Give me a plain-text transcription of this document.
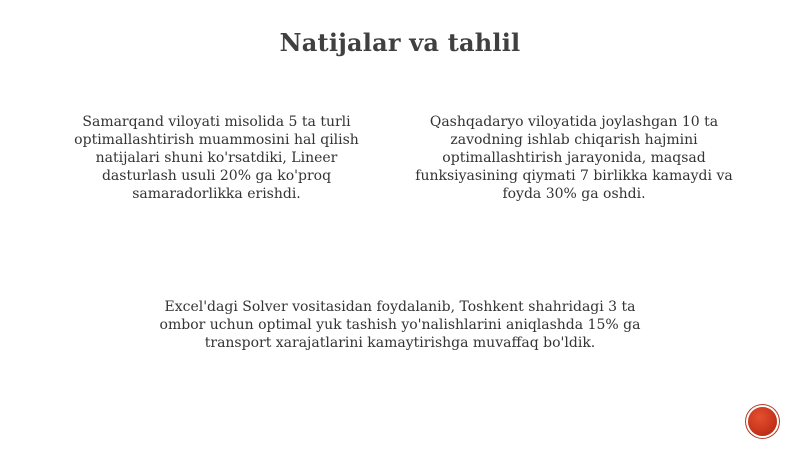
Natijalar va tahlil
Samarqand viloyati misolida 5 ta turli optimallashtirish muammosini hal qilish natijalari shuni ko'rsatdiki, Lineer dasturlash usuli 20% ga ko'proq samaradorlikka erishdi.
Qashqadaryo viloyatida joylashgan 10 ta zavodning ishlab chiqarish hajmini optimallashtirish jarayonida, maqsad funksiyasining qiymati 7 birlikka kamaydi va foyda 30% ga oshdi.
Excel'dagi Solver vositasidan foydalanib, Toshkent shahridagi 3 ta ombor uchun optimal yuk tashish yo'nalishlarini aniqlashda 15% ga transport xarajatlarini kamaytirishga muvaffaq bo'ldik.
